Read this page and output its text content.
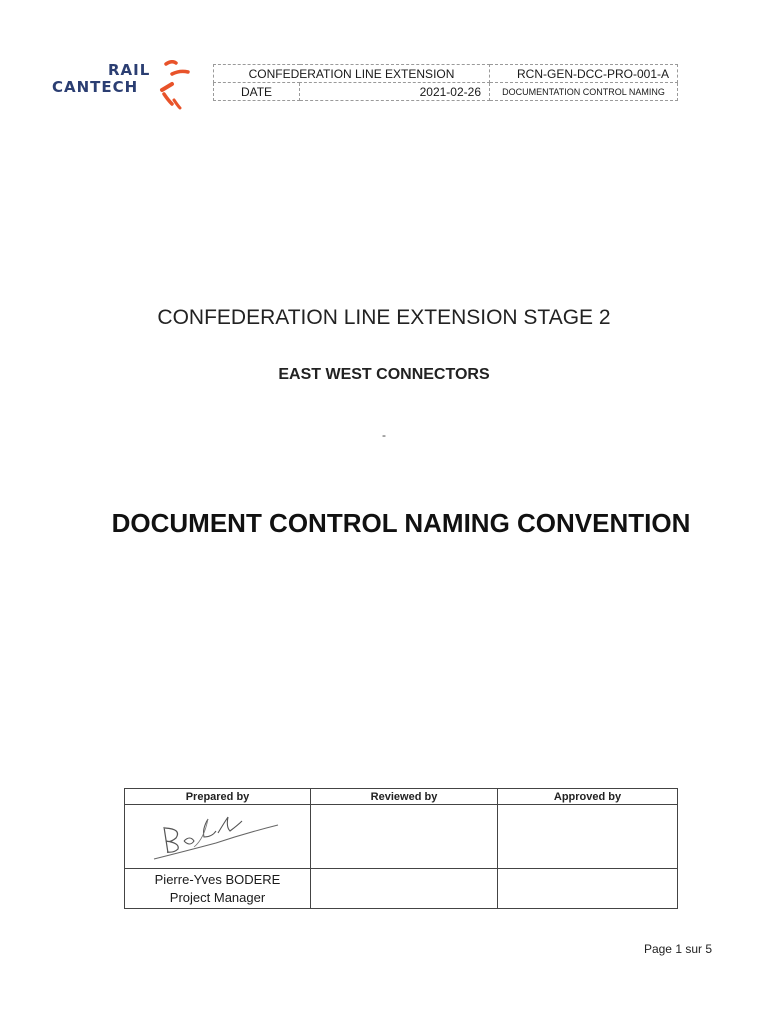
RAIL
CANTECH
CONFEDERATION LINE EXTENSION		RCN-GEN-DCC-PRO-001-A
DATE	2021-02-26	DOCUMENTATION CONTROL NAMING
CONFEDERATION LINE EXTENSION STAGE 2
EAST WEST CONNECTORS
-
DOCUMENT CONTROL NAMING CONVENTION
Prepared by	Reviewed by	Approved by

Pierre-Yves BODERE
Project Manager		

Page 1 sur 5
